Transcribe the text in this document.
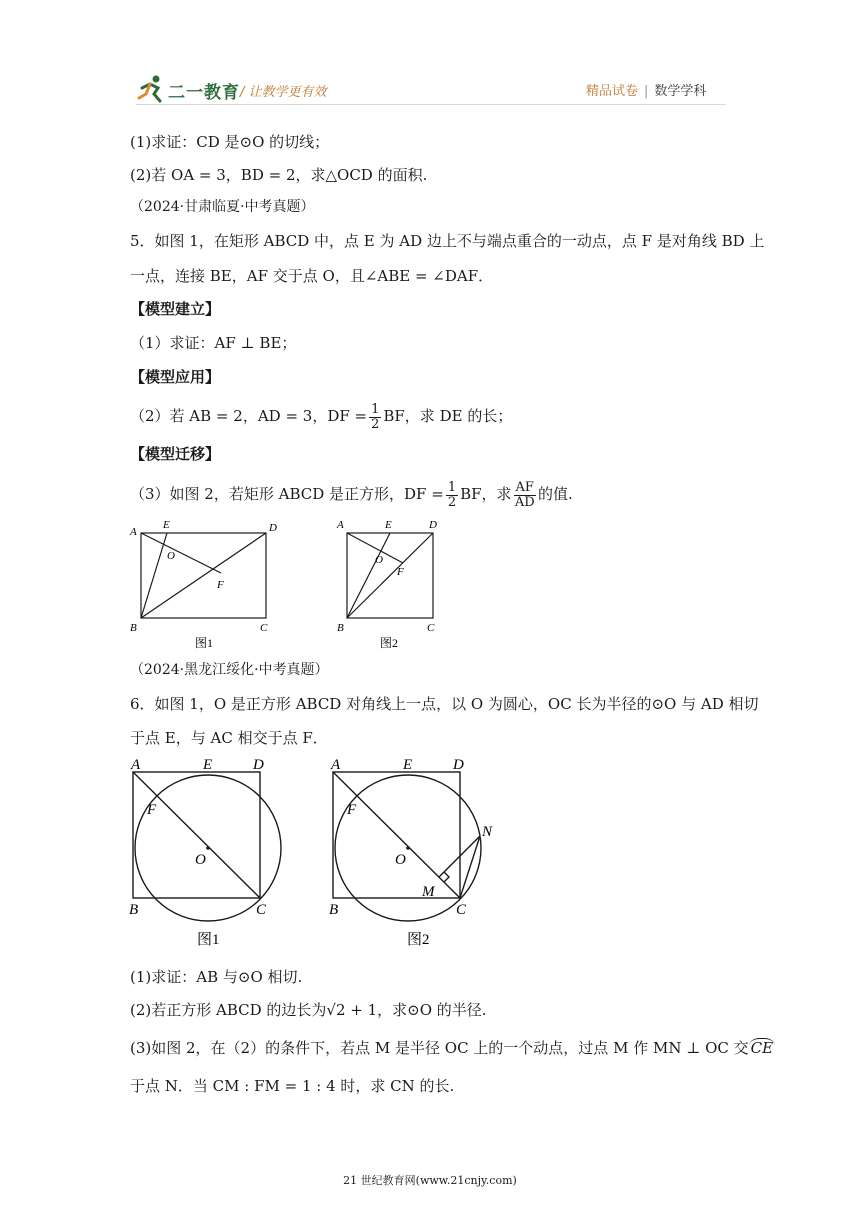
二一教育 / 让教学更有效	精品试卷 | 数学学科
(1)求证：CD 是⊙O 的切线；
(2)若 OA = 3，BD = 2，求△OCD 的面积.
（2024·甘肃临夏·中考真题）
5．如图 1，在矩形 ABCD 中，点 E 为 AD 边上不与端点重合的一动点，点 F 是对角线 BD 上
一点，连接 BE，AF 交于点 O，且∠ABE = ∠DAF．
【模型建立】
（1）求证：AF ⊥ BE；
【模型应用】
（2）若 AB = 2，AD = 3，DF = $\frac{1}{2}$ BF，求 DE 的长；
【模型迁移】
（3）如图 2，若矩形 ABCD 是正方形，DF = $\frac{1}{2}$ BF，求 $\frac{AF}{AD}$ 的值.
A
E	D
O
F
B	C
图1
A	E	D
O
F
B	C
图2
（2024·黑龙江绥化·中考真题）
6．如图 1，O 是正方形 ABCD 对角线上一点，以 O 为圆心，OC 长为半径的⊙O 与 AD 相切
于点 E，与 AC 相交于点 F．
A	E	D
F
O
B	C
图1
A	E	D
F
O
N
M
B	C
图2
(1)求证：AB 与⊙O 相切.
(2)若正方形 ABCD 的边长为√2 + 1，求⊙O 的半径.
(3)如图 2，在（2）的条件下，若点 M 是半径 OC 上的一个动点，过点 M 作 MN ⊥ OC 交 CE
于点 N．当 CM : FM = 1 : 4 时，求 CN 的长.
21 世纪教育网(www.21cnjy.com)
